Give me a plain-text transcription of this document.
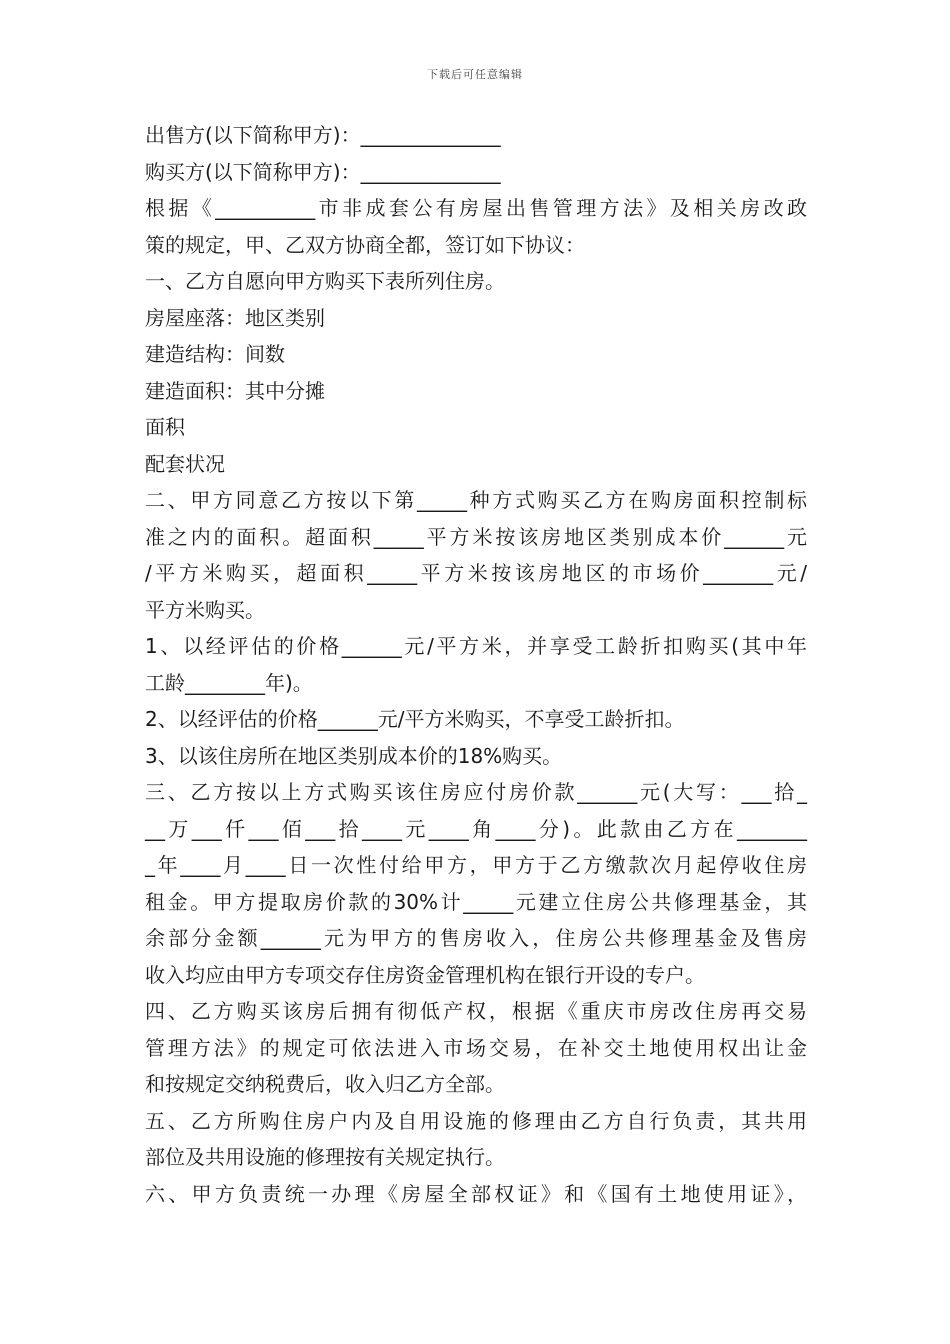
下载后可任意编辑
出售方(以下简称甲方)：______________
购买方(以下简称甲方)：______________
根据《__________市非成套公有房屋出售管理方法》及相关房改政
策的规定，甲、乙双方协商全都，签订如下协议：
一、乙方自愿向甲方购买下表所列住房。
房屋座落：地区类别
建造结构：间数
建造面积：其中分摊
面积
配套状况
二、甲方同意乙方按以下第_____种方式购买乙方在购房面积控制标
准之内的面积。超面积_____平方米按该房地区类别成本价______元
/平方米购买，超面积_____平方米按该房地区的市场价_______元/
平方米购买。
1、以经评估的价格______元/平方米，并享受工龄折扣购买(其中年
工龄________年)。
2、以经评估的价格______元/平方米购买，不享受工龄折扣。
3、以该住房所在地区类别成本价的18%购买。
三、乙方按以上方式购买该住房应付房价款______元(大写：___拾_
__万___仟___佰___拾____元____角____分)。此款由乙方在_______
_年____月____日一次性付给甲方，甲方于乙方缴款次月起停收住房
租金。甲方提取房价款的30%计_____元建立住房公共修理基金，其
余部分金额______元为甲方的售房收入，住房公共修理基金及售房
收入均应由甲方专项交存住房资金管理机构在银行开设的专户。
四、乙方购买该房后拥有彻低产权，根据《重庆市房改住房再交易
管理方法》的规定可依法进入市场交易，在补交土地使用权出让金
和按规定交纳税费后，收入归乙方全部。
五、乙方所购住房户内及自用设施的修理由乙方自行负责，其共用
部位及共用设施的修理按有关规定执行。
六、甲方负责统一办理《房屋全部权证》和《国有土地使用证》，
